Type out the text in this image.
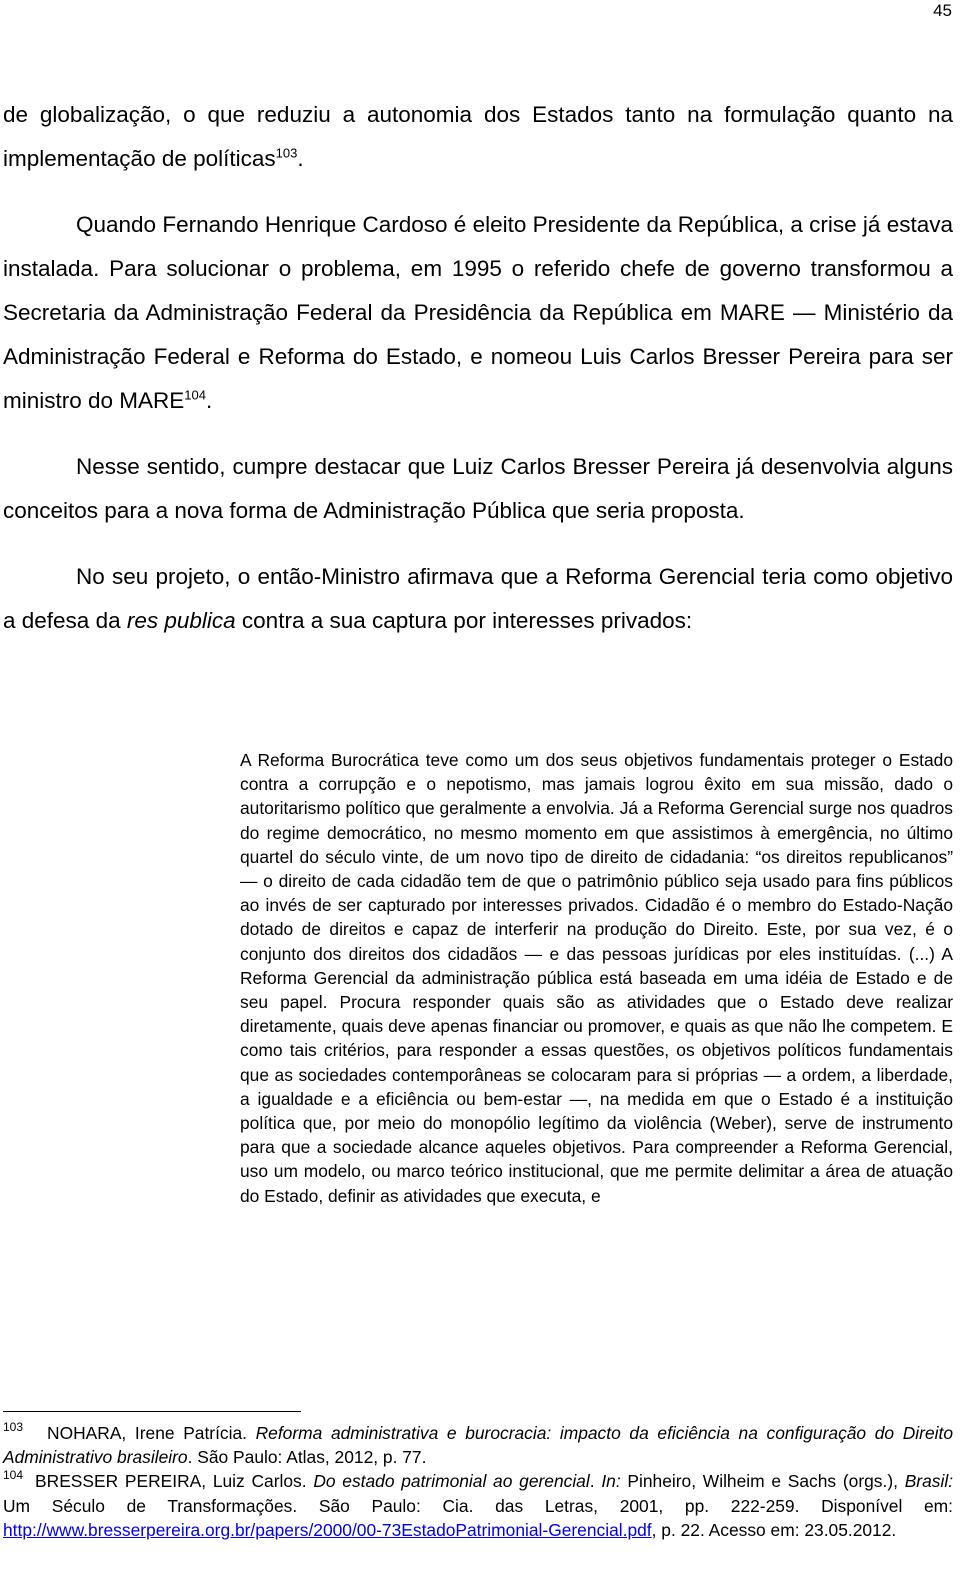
45

de globalização, o que reduziu a autonomia dos Estados tanto na formulação quanto na implementação de políticas$^{103}$.

Quando Fernando Henrique Cardoso é eleito Presidente da República, a crise já estava instalada. Para solucionar o problema, em 1995 o referido chefe de governo transformou a Secretaria da Administração Federal da Presidência da República em MARE — Ministério da Administração Federal e Reforma do Estado, e nomeou Luis Carlos Bresser Pereira para ser ministro do MARE$^{104}$.

Nesse sentido, cumpre destacar que Luiz Carlos Bresser Pereira já desenvolvia alguns conceitos para a nova forma de Administração Pública que seria proposta.

No seu projeto, o então-Ministro afirmava que a Reforma Gerencial teria como objetivo a defesa da res publica contra a sua captura por interesses privados:

A Reforma Burocrática teve como um dos seus objetivos fundamentais proteger o Estado contra a corrupção e o nepotismo, mas jamais logrou êxito em sua missão, dado o autoritarismo político que geralmente a envolvia. Já a Reforma Gerencial surge nos quadros do regime democrático, no mesmo momento em que assistimos à emergência, no último quartel do século vinte, de um novo tipo de direito de cidadania: “os direitos republicanos” — o direito de cada cidadão tem de que o patrimônio público seja usado para fins públicos ao invés de ser capturado por interesses privados. Cidadão é o membro do Estado-Nação dotado de direitos e capaz de interferir na produção do Direito. Este, por sua vez, é o conjunto dos direitos dos cidadãos — e das pessoas jurídicas por eles instituídas. (...) A Reforma Gerencial da administração pública está baseada em uma idéia de Estado e de seu papel. Procura responder quais são as atividades que o Estado deve realizar diretamente, quais deve apenas financiar ou promover, e quais as que não lhe competem. E como tais critérios, para responder a essas questões, os objetivos políticos fundamentais que as sociedades contemporâneas se colocaram para si próprias — a ordem, a liberdade, a igualdade e a eficiência ou bem-estar —, na medida em que o Estado é a instituição política que, por meio do monopólio legítimo da violência (Weber), serve de instrumento para que a sociedade alcance aqueles objetivos. Para compreender a Reforma Gerencial, uso um modelo, ou marco teórico institucional, que me permite delimitar a área de atuação do Estado, definir as atividades que executa, e

$^{103}$ NOHARA, Irene Patrícia. Reforma administrativa e burocracia: impacto da eficiência na configuração do Direito Administrativo brasileiro. São Paulo: Atlas, 2012, p. 77.

$^{104}$ BRESSER PEREIRA, Luiz Carlos. Do estado patrimonial ao gerencial. In: Pinheiro, Wilheim e Sachs (orgs.), Brasil: Um Século de Transformações. São Paulo: Cia. das Letras, 2001, pp. 222-259. Disponível em: http://www.bresserpereira.org.br/papers/2000/00-73EstadoPatrimonial-Gerencial.pdf, p. 22. Acesso em: 23.05.2012.
